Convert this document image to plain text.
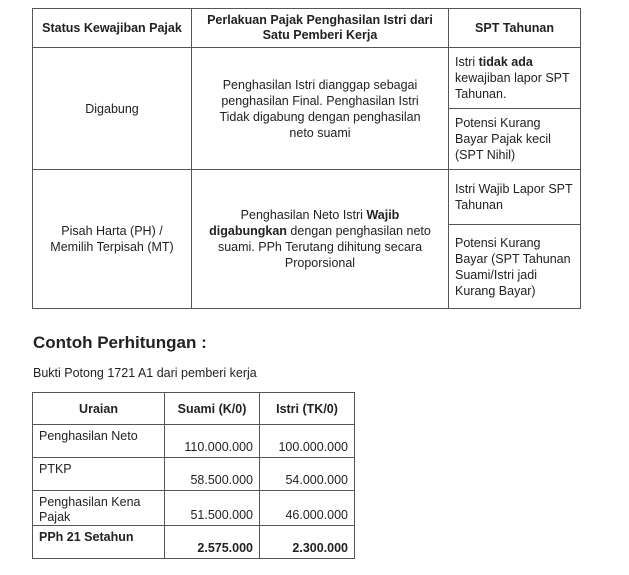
Status Kewajiban Pajak	Perlakuan Pajak Penghasilan Istri dari Satu Pemberi Kerja	SPT Tahunan
Digabung	Penghasilan Istri dianggap sebagai penghasilan Final. Penghasilan Istri Tidak digabung dengan penghasilan neto suami	Istri tidak ada kewajiban lapor SPT Tahunan.
		Potensi Kurang Bayar Pajak kecil (SPT Nihil)
Pisah Harta (PH) / Memilih Terpisah (MT)	Penghasilan Neto Istri Wajib digabungkan dengan penghasilan neto suami. PPh Terutang dihitung secara Proporsional	Istri Wajib Lapor SPT Tahunan
		Potensi Kurang Bayar (SPT Tahunan Suami/Istri jadi Kurang Bayar)
Contoh Perhitungan :
Bukti Potong 1721 A1 dari pemberi kerja
Uraian	Suami (K/0)	Istri (TK/0)
Penghasilan Neto	110.000.000	100.000.000
PTKP	58.500.000	54.000.000
Penghasilan Kena Pajak	51.500.000	46.000.000
PPh 21 Setahun	2.575.000	2.300.000
